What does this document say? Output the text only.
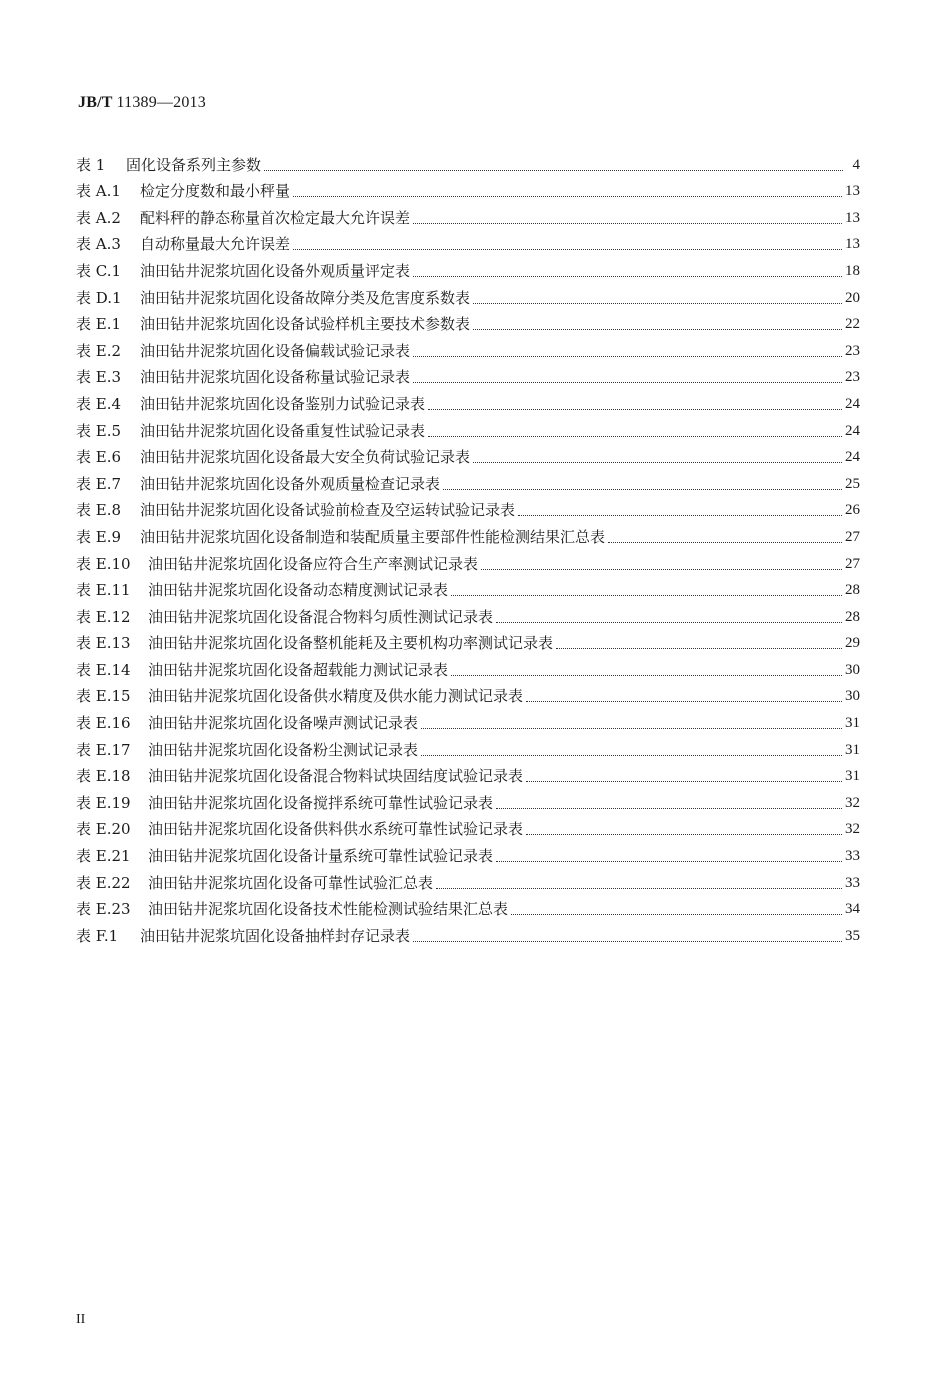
JB/T 11389—2013
表 1	固化设备系列主参数	4
表 A.1	检定分度数和最小秤量	13
表 A.2	配料秤的静态称量首次检定最大允许误差	13
表 A.3	自动称量最大允许误差	13
表 C.1	油田钻井泥浆坑固化设备外观质量评定表	18
表 D.1	油田钻井泥浆坑固化设备故障分类及危害度系数表	20
表 E.1	油田钻井泥浆坑固化设备试验样机主要技术参数表	22
表 E.2	油田钻井泥浆坑固化设备偏载试验记录表	23
表 E.3	油田钻井泥浆坑固化设备称量试验记录表	23
表 E.4	油田钻井泥浆坑固化设备鉴别力试验记录表	24
表 E.5	油田钻井泥浆坑固化设备重复性试验记录表	24
表 E.6	油田钻井泥浆坑固化设备最大安全负荷试验记录表	24
表 E.7	油田钻井泥浆坑固化设备外观质量检查记录表	25
表 E.8	油田钻井泥浆坑固化设备试验前检查及空运转试验记录表	26
表 E.9	油田钻井泥浆坑固化设备制造和装配质量主要部件性能检测结果汇总表	27
表 E.10	油田钻井泥浆坑固化设备应符合生产率测试记录表	27
表 E.11	油田钻井泥浆坑固化设备动态精度测试记录表	28
表 E.12	油田钻井泥浆坑固化设备混合物料匀质性测试记录表	28
表 E.13	油田钻井泥浆坑固化设备整机能耗及主要机构功率测试记录表	29
表 E.14	油田钻井泥浆坑固化设备超载能力测试记录表	30
表 E.15	油田钻井泥浆坑固化设备供水精度及供水能力测试记录表	30
表 E.16	油田钻井泥浆坑固化设备噪声测试记录表	31
表 E.17	油田钻井泥浆坑固化设备粉尘测试记录表	31
表 E.18	油田钻井泥浆坑固化设备混合物料试块固结度试验记录表	31
表 E.19	油田钻井泥浆坑固化设备搅拌系统可靠性试验记录表	32
表 E.20	油田钻井泥浆坑固化设备供料供水系统可靠性试验记录表	32
表 E.21	油田钻井泥浆坑固化设备计量系统可靠性试验记录表	33
表 E.22	油田钻井泥浆坑固化设备可靠性试验汇总表	33
表 E.23	油田钻井泥浆坑固化设备技术性能检测试验结果汇总表	34
表 F.1	油田钻井泥浆坑固化设备抽样封存记录表	35
II
